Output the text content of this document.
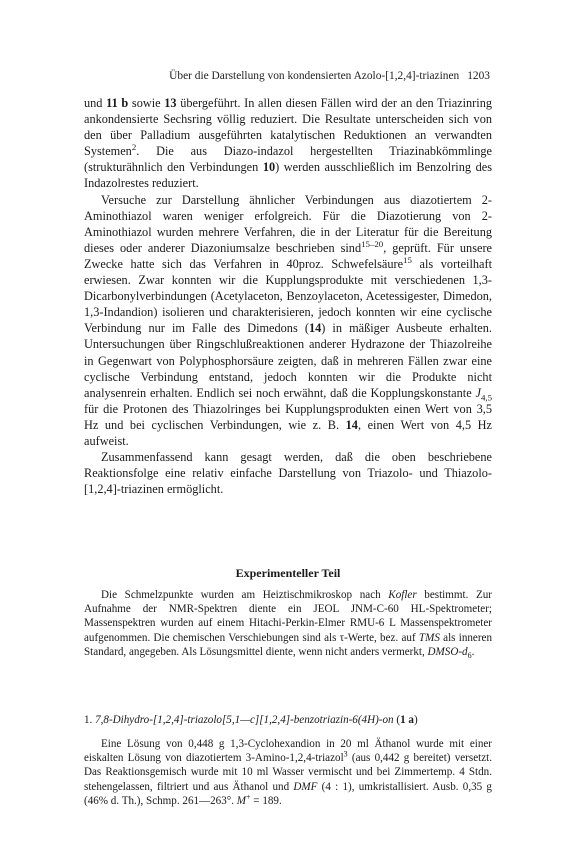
Über die Darstellung von kondensierten Azolo-[1,2,4]-triazinen 1203

und 11 b sowie 13 übergeführt. In allen diesen Fällen wird der an den Triazinring ankondensierte Sechsring völlig reduziert. Die Resultate unterscheiden sich von den über Palladium ausgeführten katalytischen Reduktionen an verwandten Systemen$^2$. Die aus Diazo-indazol hergestellten Triazinabkömmlinge (strukturähnlich den Verbindungen 10) werden ausschließlich im Benzolring des Indazolrestes reduziert.

Versuche zur Darstellung ähnlicher Verbindungen aus diazotiertem 2-Aminothiazol waren weniger erfolgreich. Für die Diazotierung von 2-Aminothiazol wurden mehrere Verfahren, die in der Literatur für die Bereitung dieses oder anderer Diazoniumsalze beschrieben sind$^{15-20}$, geprüft. Für unsere Zwecke hatte sich das Verfahren in 40proz. Schwefelsäure$^{15}$ als vorteilhaft erwiesen. Zwar konnten wir die Kupplungsprodukte mit verschiedenen 1,3-Dicarbonylverbindungen (Acetylaceton, Benzoylaceton, Acetessigester, Dimedon, 1,3-Indandion) isolieren und charakterisieren, jedoch konnten wir eine cyclische Verbindung nur im Falle des Dimedons (14) in mäßiger Ausbeute erhalten. Untersuchungen über Ringschlußreaktionen anderer Hydrazone der Thiazolreihe in Gegenwart von Polyphosphorsäure zeigten, daß in mehreren Fällen zwar eine cyclische Verbindung entstand, jedoch konnten wir die Produkte nicht analysenrein erhalten. Endlich sei noch erwähnt, daß die Kopplungskonstante $J_{4,5}$ für die Protonen des Thiazolringes bei Kupplungsprodukten einen Wert von 3,5 Hz und bei cyclischen Verbindungen, wie z. B. 14, einen Wert von 4,5 Hz aufweist.

Zusammenfassend kann gesagt werden, daß die oben beschriebene Reaktionsfolge eine relativ einfache Darstellung von Triazolo- und Thiazolo-[1,2,4]-triazinen ermöglicht.

Experimenteller Teil

Die Schmelzpunkte wurden am Heiztischmikroskop nach Kofler bestimmt. Zur Aufnahme der NMR-Spektren diente ein JEOL JNM-C-60 HL-Spektrometer; Massenspektren wurden auf einem Hitachi-Perkin-Elmer RMU-6 L Massenspektrometer aufgenommen. Die chemischen Verschiebungen sind als τ-Werte, bez. auf TMS als inneren Standard, angegeben. Als Lösungsmittel diente, wenn nicht anders vermerkt, DMSO-$d_6$.

1. 7,8-Dihydro-[1,2,4]-triazolo[5,1—c][1,2,4]-benzotriazin-6(4H)-on (1 a)

Eine Lösung von 0,448 g 1,3-Cyclohexandion in 20 ml Äthanol wurde mit einer eiskalten Lösung von diazotiertem 3-Amino-1,2,4-triazol$^3$ (aus 0,442 g bereitet) versetzt. Das Reaktionsgemisch wurde mit 10 ml Wasser vermischt und bei Zimmertemp. 4 Stdn. stehengelassen, filtriert und aus Äthanol und DMF (4 : 1), umkristallisiert. Ausb. 0,35 g (46% d. Th.), Schmp. 261—263°. M+ = 189.
